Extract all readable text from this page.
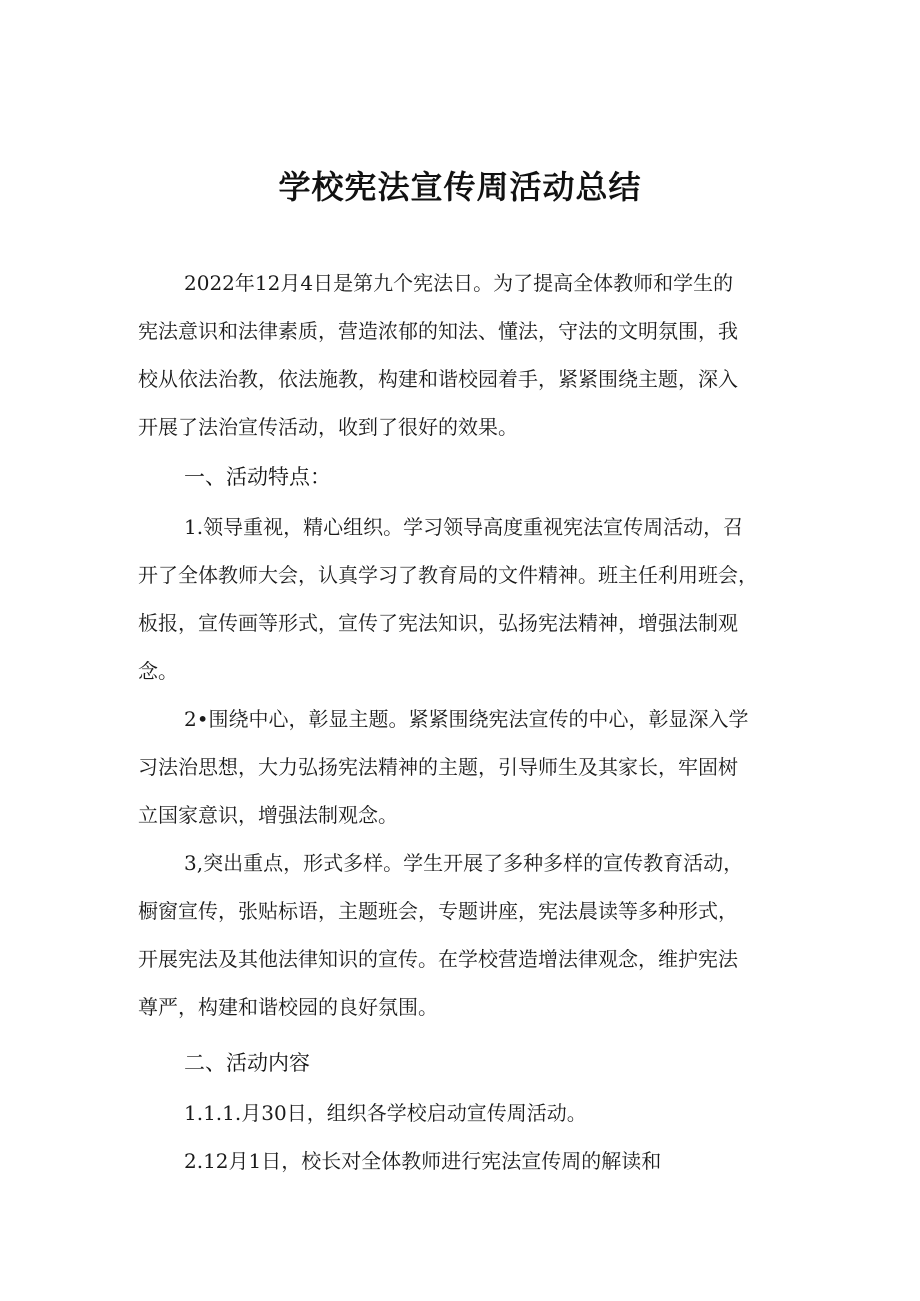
学校宪法宣传周活动总结

2022年12月4日是第九个宪法日。为了提高全体教师和学生的

宪法意识和法律素质，营造浓郁的知法、懂法，守法的文明氛围，我

校从依法治教，依法施教，构建和谐校园着手，紧紧围绕主题，深入

开展了法治宣传活动，收到了很好的效果。

一、活动特点：

1.领导重视，精心组织。学习领导高度重视宪法宣传周活动，召

开了全体教师大会，认真学习了教育局的文件精神。班主任利用班会，

板报，宣传画等形式，宣传了宪法知识，弘扬宪法精神，增强法制观

念。

2•围绕中心，彰显主题。紧紧围绕宪法宣传的中心，彰显深入学

习法治思想，大力弘扬宪法精神的主题，引导师生及其家长，牢固树

立国家意识，增强法制观念。

3,突出重点，形式多样。学生开展了多种多样的宣传教育活动，

橱窗宣传，张贴标语，主题班会，专题讲座，宪法晨读等多种形式，

开展宪法及其他法律知识的宣传。在学校营造增法律观念，维护宪法

尊严，构建和谐校园的良好氛围。

二、活动内容

1.1.1.月30日，组织各学校启动宣传周活动。

2.12月1日，校长对全体教师进行宪法宣传周的解读和
